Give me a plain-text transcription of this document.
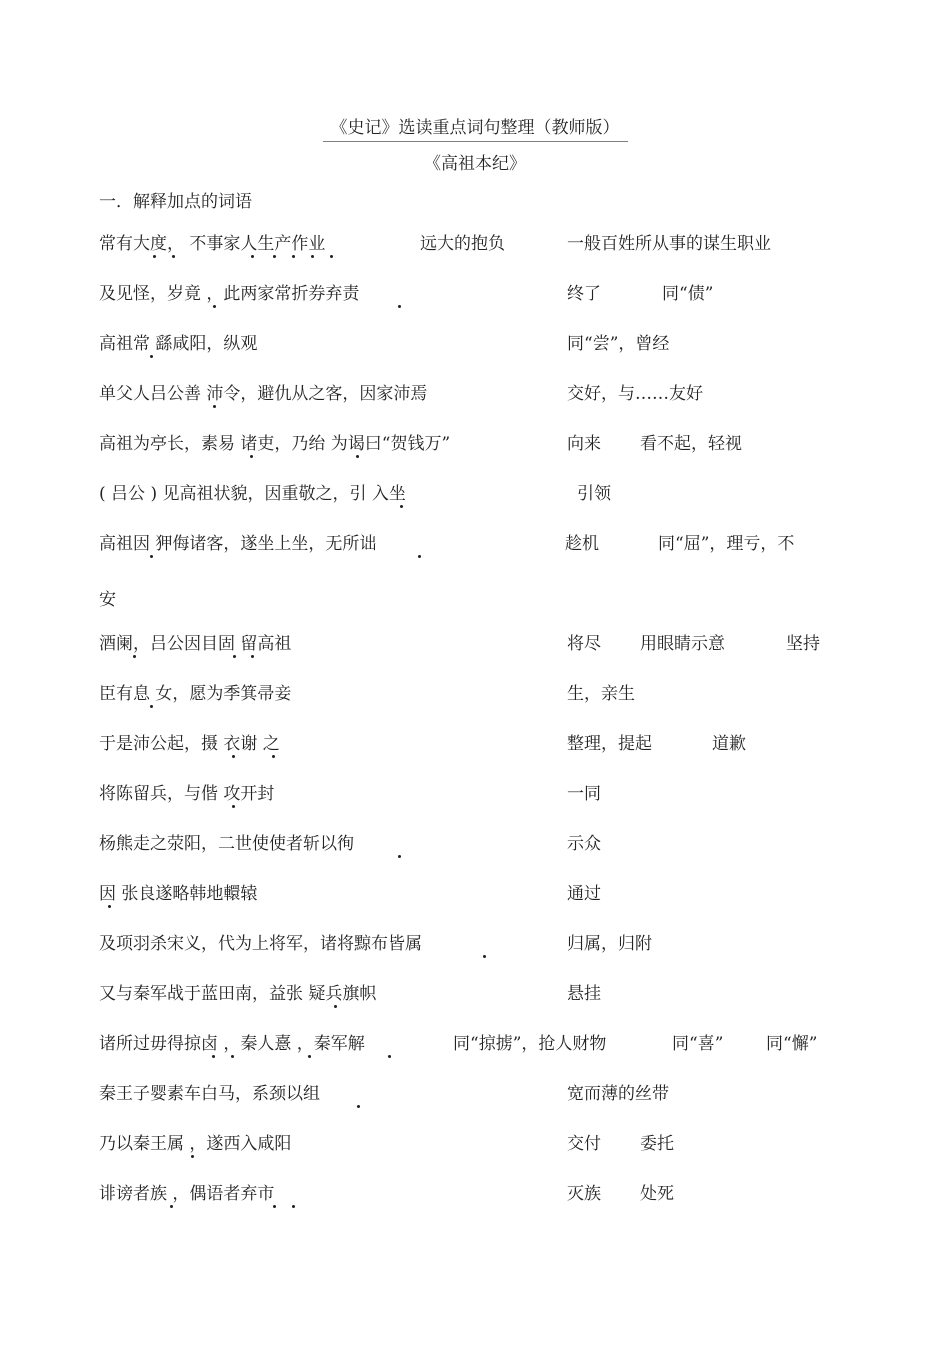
《史记》选读重点词句整理（教师版）
《高祖本纪》
一．解释加点的词语
常有大度， 不事家人生产作业	远大的抱负	一般百姓所从事的谋生职业
及见怪，岁竟 ，此两家常折券弃责	终了	同“债”
高祖常 繇咸阳，纵观	同“尝”，曾经
单父人吕公善 沛令，避仇从之客，因家沛焉	交好，与……友好
高祖为亭长，素易 诸吏，乃绐 为谒曰“贺钱万”	向来 看不起，轻视
( 吕公 ) 见高祖状貌，因重敬之，引 入坐	引领
高祖因 狎侮诸客，遂坐上坐，无所诎	趁机	同“屈”，理亏，不
安
酒阑，吕公因目固 留高祖	将尽 用眼睛示意	坚持
臣有息 女，愿为季箕帚妾	生，亲生
于是沛公起，摄 衣谢 之	整理，提起	道歉
将陈留兵，与偕 攻开封	一同
杨熊走之荥阳，二世使使者斩以徇	示众
因 张良遂略韩地轘辕	通过
及项羽杀宋义，代为上将军，诸将黥布皆属	归属，归附
又与秦军战于蓝田南，益张 疑兵旗帜	悬挂
诸所过毋得掠卤 ，秦人憙 ，秦军解	同“掠掳”，抢人财物	同“喜”	同“懈”
秦王子婴素车白马，系颈以组	宽而薄的丝带
乃以秦王属 ，遂西入咸阳	交付 委托
诽谤者族 ，偶语者弃市	灭族 处死
